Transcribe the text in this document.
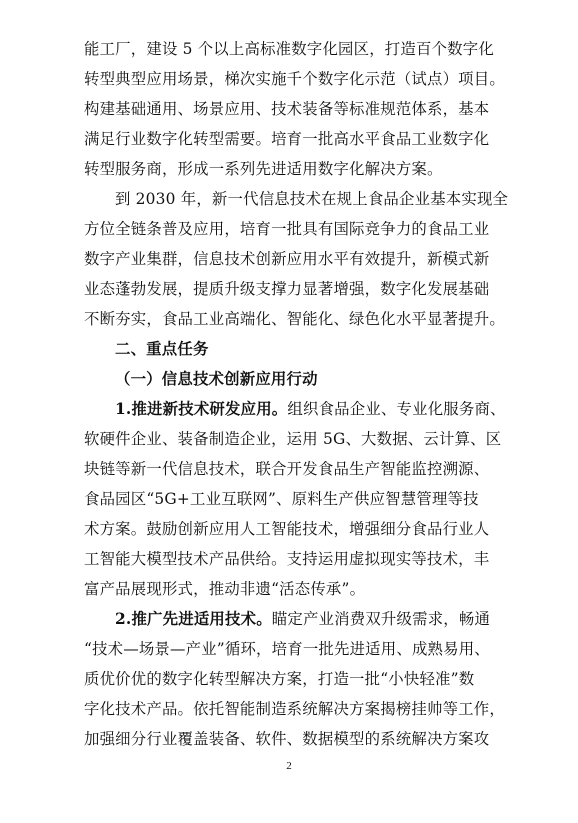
能工厂，建设 5 个以上高标准数字化园区，打造百个数字化
转型典型应用场景，梯次实施千个数字化示范（试点）项目。
构建基础通用、场景应用、技术装备等标准规范体系，基本
满足行业数字化转型需要。培育一批高水平食品工业数字化
转型服务商，形成一系列先进适用数字化解决方案。
到 2030 年，新一代信息技术在规上食品企业基本实现全
方位全链条普及应用，培育一批具有国际竞争力的食品工业
数字产业集群，信息技术创新应用水平有效提升，新模式新
业态蓬勃发展，提质升级支撑力显著增强，数字化发展基础
不断夯实，食品工业高端化、智能化、绿色化水平显著提升。
二、重点任务
（一）信息技术创新应用行动
1.推进新技术研发应用。组织食品企业、专业化服务商、
软硬件企业、装备制造企业，运用 5G、大数据、云计算、区
块链等新一代信息技术，联合开发食品生产智能监控溯源、
食品园区“5G+工业互联网”、原料生产供应智慧管理等技
术方案。鼓励创新应用人工智能技术，增强细分食品行业人
工智能大模型技术产品供给。支持运用虚拟现实等技术，丰
富产品展现形式，推动非遗“活态传承”。
2.推广先进适用技术。瞄定产业消费双升级需求，畅通
“技术—场景—产业”循环，培育一批先进适用、成熟易用、
质优价优的数字化转型解决方案，打造一批“小快轻准”数
字化技术产品。依托智能制造系统解决方案揭榜挂帅等工作，
加强细分行业覆盖装备、软件、数据模型的系统解决方案攻
2
